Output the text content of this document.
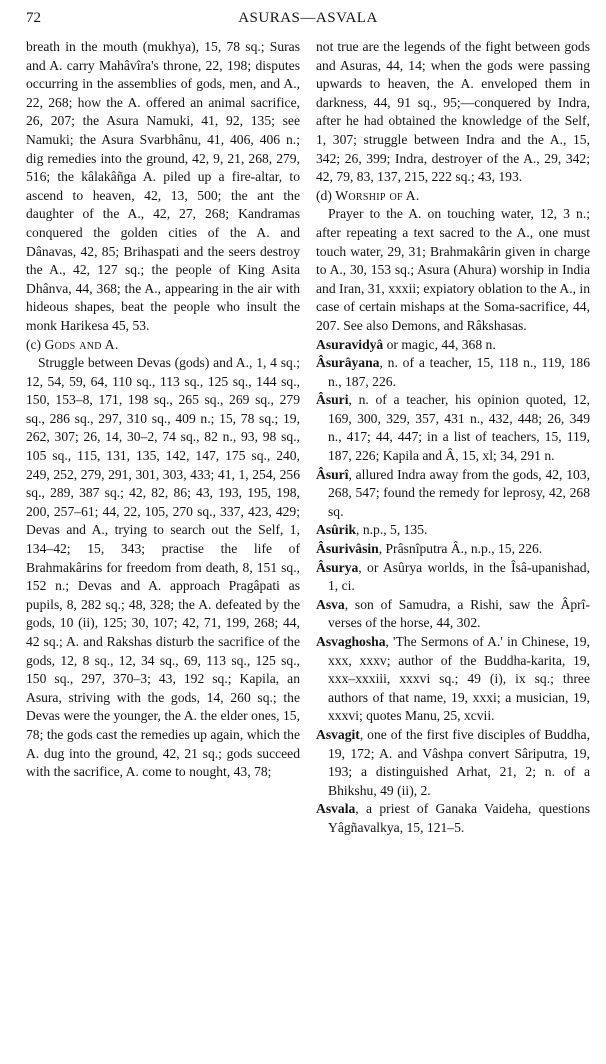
72	ASURAS—ASVALA

breath in the mouth (mukhya), 15, 78 sq.; Suras and A. carry Mahâvîra's throne, 22, 198; disputes occurring in the assemblies of gods, men, and A., 22, 268; how the A. offered an animal sacrifice, 26, 207; the Asura Namuki, 41, 92, 135; see Namuki; the Asura Svarbhânu, 41, 406, 406 n.; dig remedies into the ground, 42, 9, 21, 268, 279, 516; the kâlakâñga A. piled up a fire-altar, to ascend to heaven, 42, 13, 500; the ant the daughter of the A., 42, 27, 268; Kandramas conquered the golden cities of the A. and Dânavas, 42, 85; Brihaspati and the seers destroy the A., 42, 127 sq.; the people of King Asita Dhânva, 44, 368; the A., appearing in the air with hideous shapes, beat the people who insult the monk Harikesa 45, 53.

(c) Gods and A.

Struggle between Devas (gods) and A., 1, 4 sq.; 12, 54, 59, 64, 110 sq., 113 sq., 125 sq., 144 sq., 150, 153–8, 171, 198 sq., 265 sq., 269 sq., 279 sq., 286 sq., 297, 310 sq., 409 n.; 15, 78 sq.; 19, 262, 307; 26, 14, 30–2, 74 sq., 82 n., 93, 98 sq., 105 sq., 115, 131, 135, 142, 147, 175 sq., 240, 249, 252, 279, 291, 301, 303, 433; 41, 1, 254, 256 sq., 289, 387 sq.; 42, 82, 86; 43, 193, 195, 198, 200, 257–61; 44, 22, 105, 270 sq., 337, 423, 429; Devas and A., trying to search out the Self, 1, 134–42; 15, 343; practise the life of Brahmakârins for freedom from death, 8, 151 sq., 152 n.; Devas and A. approach Pragâpati as pupils, 8, 282 sq.; 48, 328; the A. defeated by the gods, 10 (ii), 125; 30, 107; 42, 71, 199, 268; 44, 42 sq.; A. and Rakshas disturb the sacrifice of the gods, 12, 8 sq., 12, 34 sq., 69, 113 sq., 125 sq., 150 sq., 297, 370–3; 43, 192 sq.; Kapila, an Asura, striving with the gods, 14, 260 sq.; the Devas were the younger, the A. the elder ones, 15, 78; the gods cast the remedies up again, which the A. dug into the ground, 42, 21 sq.; gods succeed with the sacrifice, A. come to nought, 43, 78;

not true are the legends of the fight between gods and Asuras, 44, 14; when the gods were passing upwards to heaven, the A. enveloped them in darkness, 44, 91 sq., 95;—conquered by Indra, after he had obtained the knowledge of the Self, 1, 307; struggle between Indra and the A., 15, 342; 26, 399; Indra, destroyer of the A., 29, 342; 42, 79, 83, 137, 215, 222 sq.; 43, 193.

(d) Worship of A.

Prayer to the A. on touching water, 12, 3 n.; after repeating a text sacred to the A., one must touch water, 29, 31; Brahmakârin given in charge to A., 30, 153 sq.; Asura (Ahura) worship in India and Iran, 31, xxxii; expiatory oblation to the A., in case of certain mishaps at the Soma-sacrifice, 44, 207. See also Demons, and Râkshasas.

Asuravidyâ or magic, 44, 368 n.

Âsurâyana, n. of a teacher, 15, 118 n., 119, 186 n., 187, 226.

Âsuri, n. of a teacher, his opinion quoted, 12, 169, 300, 329, 357, 431 n., 432, 448; 26, 349 n., 417; 44, 447; in a list of teachers, 15, 119, 187, 226; Kapila and Â, 15, xl; 34, 291 n.

Âsurî, allured Indra away from the gods, 42, 103, 268, 547; found the remedy for leprosy, 42, 268 sq.

Asûrik, n.p., 5, 135.

Âsurivâsin, Prâsnîputra Â., n.p., 15, 226.

Âsurya, or Asûrya worlds, in the Îsâ-upanishad, 1, ci.

Asva, son of Samudra, a Rishi, saw the Âprî-verses of the horse, 44, 302.

Asvaghosha, 'The Sermons of A.' in Chinese, 19, xxx, xxxv; author of the Buddha-karita, 19, xxx–xxxiii, xxxvi sq.; 49 (i), ix sq.; three authors of that name, 19, xxxi; a musician, 19, xxxvi; quotes Manu, 25, xcvii.

Asvagit, one of the first five disciples of Buddha, 19, 172; A. and Vâshpa convert Sâriputra, 19, 193; a distinguished Arhat, 21, 2; n. of a Bhikshu, 49 (ii), 2.

Asvala, a priest of Ganaka Vaideha, questions Yâgñavalkya, 15, 121–5.
